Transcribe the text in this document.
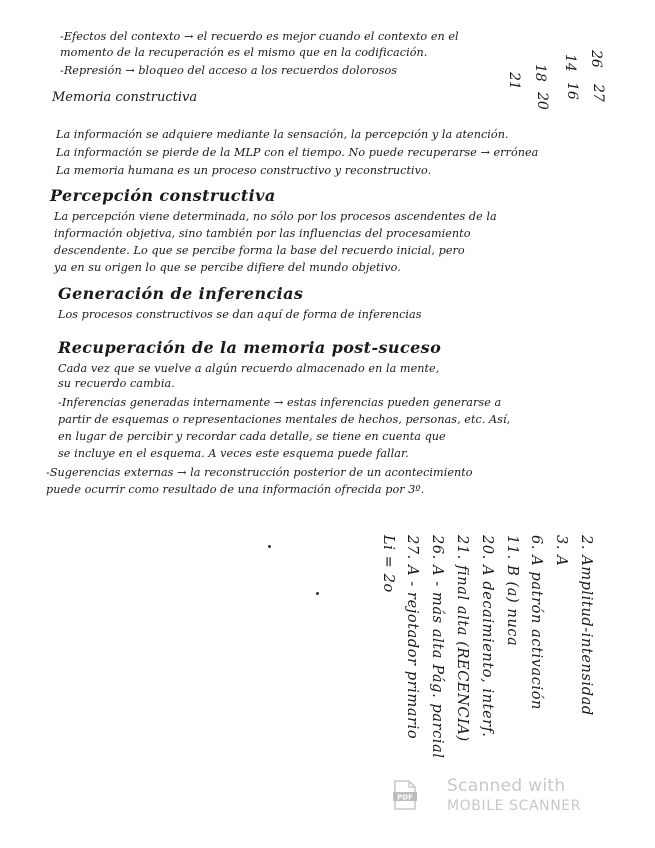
-Efectos del contexto → el recuerdo es mejor cuando el contexto en el
momento de la recuperación es el mismo que en la codificación.
-Represión → bloqueo del acceso a los recuerdos dolorosos	14 26
18
16 27
20
21
Memoria constructiva
La información se adquiere mediante la sensación, la percepción y la atención.
La información se pierde de la MLP con el tiempo. No puede recuperarse → errónea
La memoria humana es un proceso constructivo y reconstructivo.
Percepción constructiva
La percepción viene determinada, no sólo por los procesos ascendentes de la
información objetiva, sino también por las influencias del procesamiento
descendente. Lo que se percibe forma la base del recuerdo inicial, pero
ya en su origen lo que se percibe difiere del mundo objetivo.
Generación de inferencias
Los procesos constructivos se dan aquí de forma de inferencias
Recuperación de la memoria post-suceso
Cada vez que se vuelve a algún recuerdo almacenado en la mente,
su recuerdo cambia.
-Inferencias generadas internamente → estas inferencias pueden generarse a
partir de esquemas o representaciones mentales de hechos, personas, etc. Así,
en lugar de percibir y recordar cada detalle, se tiene en cuenta que
se incluye en el esquema. A veces este esquema puede fallar.
-Sugerencias externas → la reconstrucción posterior de un acontecimiento
puede ocurrir como resultado de una información ofrecida por 3º.
2. Amplitud-intensidad
3. A
6. A patrón activación
11. B (a) nuca
20. A decaimiento, interf.
21. final alta (RECENCIA)
26. A - más alta Pág. parcial
27. A - rejotador primario
Li = 2o
PDF
Scanned with
MOBILE SCANNER
